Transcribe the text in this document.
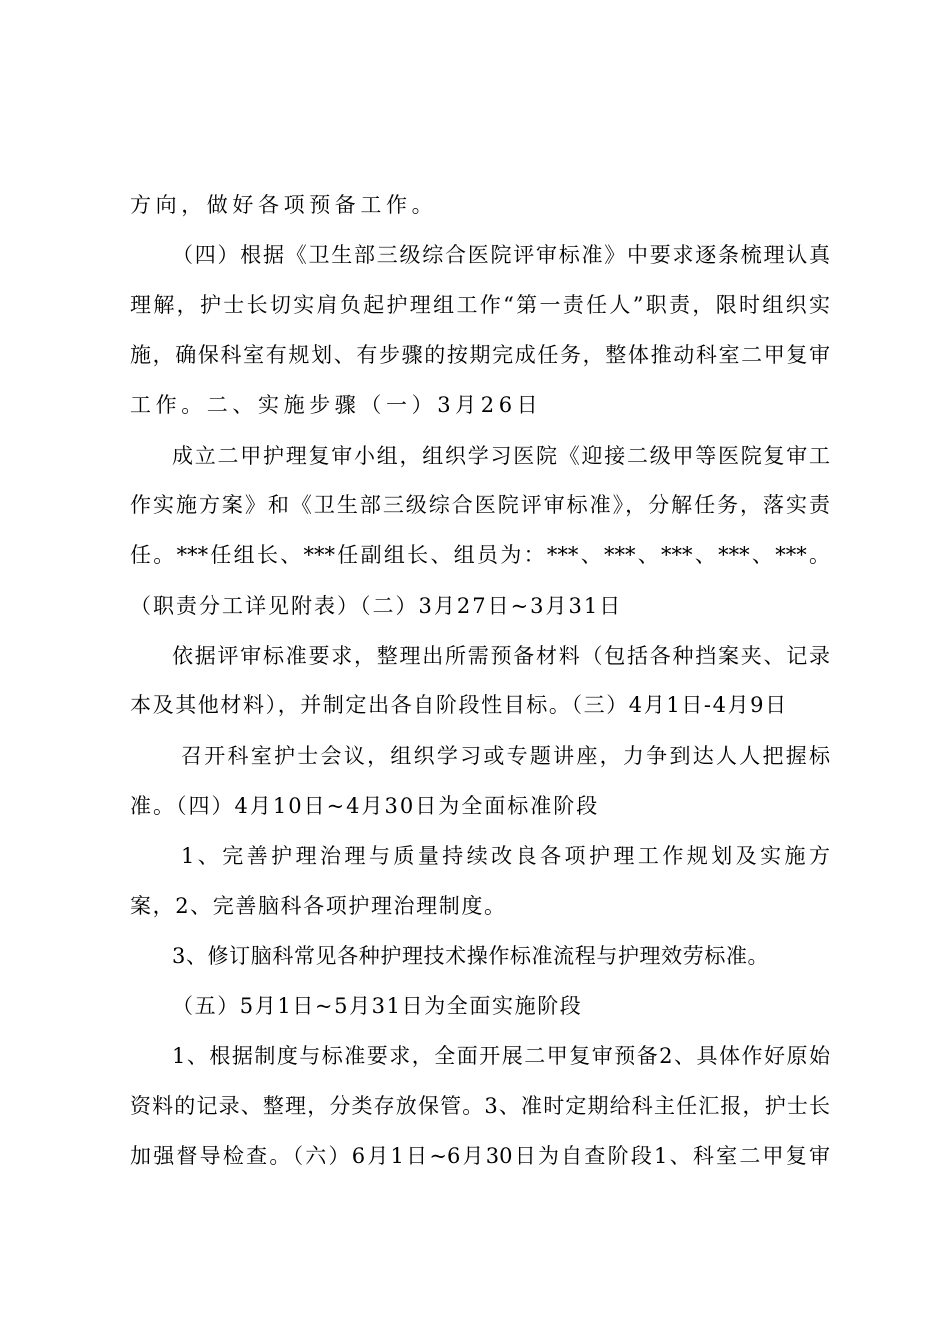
方向，做好各项预备工作。
（四）根据《卫生部三级综合医院评审标准》中要求逐条梳理认真
理解，护士长切实肩负起护理组工作“第一责任人”职责，限时组织实
施，确保科室有规划、有步骤的按期完成任务，整体推动科室二甲复审
工作。二、实施步骤（一）3月26日
成立二甲护理复审小组，组织学习医院《迎接二级甲等医院复审工
作实施方案》和《卫生部三级综合医院评审标准》，分解任务，落实责
任。***任组长、***任副组长、组员为：***、***、***、***、***。
（职责分工详见附表）（二）3月27日~3月31日
依据评审标准要求，整理出所需预备材料（包括各种挡案夹、记录
本及其他材料），并制定出各自阶段性目标。（三）4月1日-4月9日
召开科室护士会议，组织学习或专题讲座，力争到达人人把握标
准。（四）4月10日~4月30日为全面标准阶段
1、完善护理治理与质量持续改良各项护理工作规划及实施方
案，2、完善脑科各项护理治理制度。
3、修订脑科常见各种护理技术操作标准流程与护理效劳标准。
（五）5月1日~5月31日为全面实施阶段
1、根据制度与标准要求，全面开展二甲复审预备2、具体作好原始
资料的记录、整理，分类存放保管。3、准时定期给科主任汇报，护士长
加强督导检查。（六）6月1日~6月30日为自查阶段1、科室二甲复审
